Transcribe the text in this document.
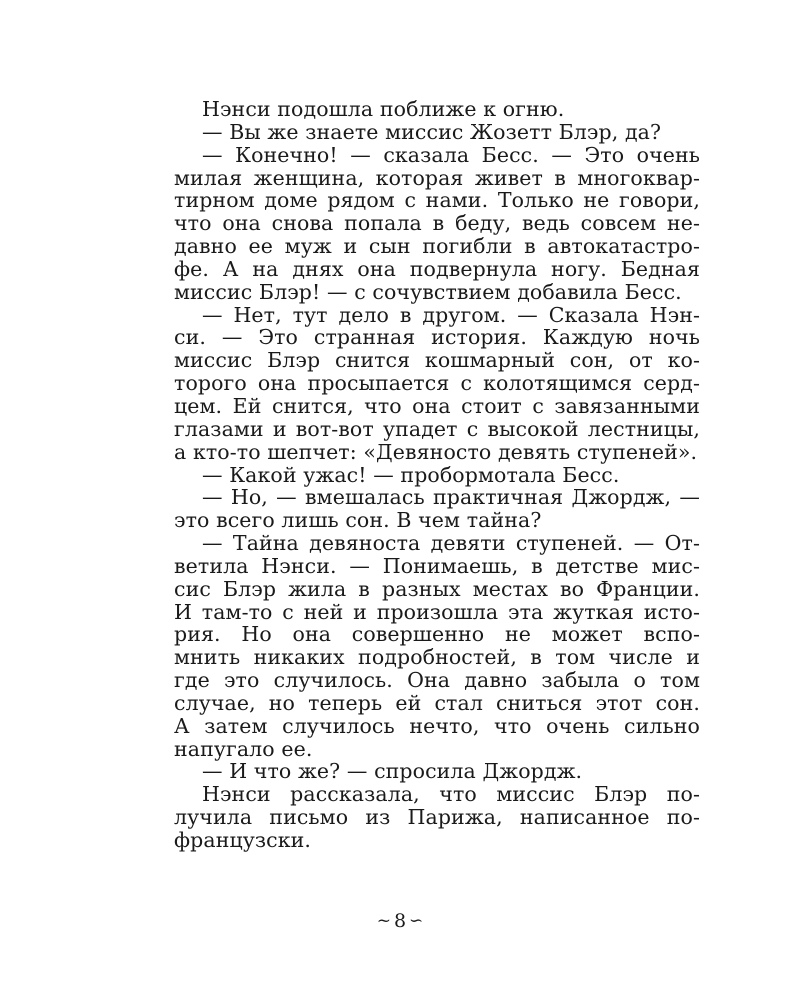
Нэнси подошла поближе к огню.
— Вы же знаете миссис Жозетт Блэр, да?
— Конечно! — сказала Бесс. — Это очень
милая женщина, которая живет в многоквар-
тирном доме рядом с нами. Только не говори,
что она снова попала в беду, ведь совсем не-
давно ее муж и сын погибли в автокатастро-
фе. А на днях она подвернула ногу. Бедная
миссис Блэр! — с сочувствием добавила Бесс.
— Нет, тут дело в другом. — Сказала Нэн-
си. — Это странная история. Каждую ночь
миссис Блэр снится кошмарный сон, от ко-
торого она просыпается с колотящимся серд-
цем. Ей снится, что она стоит с завязанными
глазами и вот-вот упадет с высокой лестницы,
а кто-то шепчет: «Девяносто девять ступеней».
— Какой ужас! — пробормотала Бесс.
— Но, — вмешалась практичная Джордж, —
это всего лишь сон. В чем тайна?
— Тайна девяноста девяти ступеней. — От-
ветила Нэнси. — Понимаешь, в детстве мис-
сис Блэр жила в разных местах во Франции.
И там-то с ней и произошла эта жуткая исто-
рия. Но она совершенно не может вспо-
мнить никаких подробностей, в том числе и
где это случилось. Она давно забыла о том
случае, но теперь ей стал сниться этот сон.
А затем случилось нечто, что очень сильно
напугало ее.
— И что же? — спросила Джордж.
Нэнси рассказала, что миссис Блэр по-
лучила письмо из Парижа, написанное по-
французски.
~ 8 ∽
